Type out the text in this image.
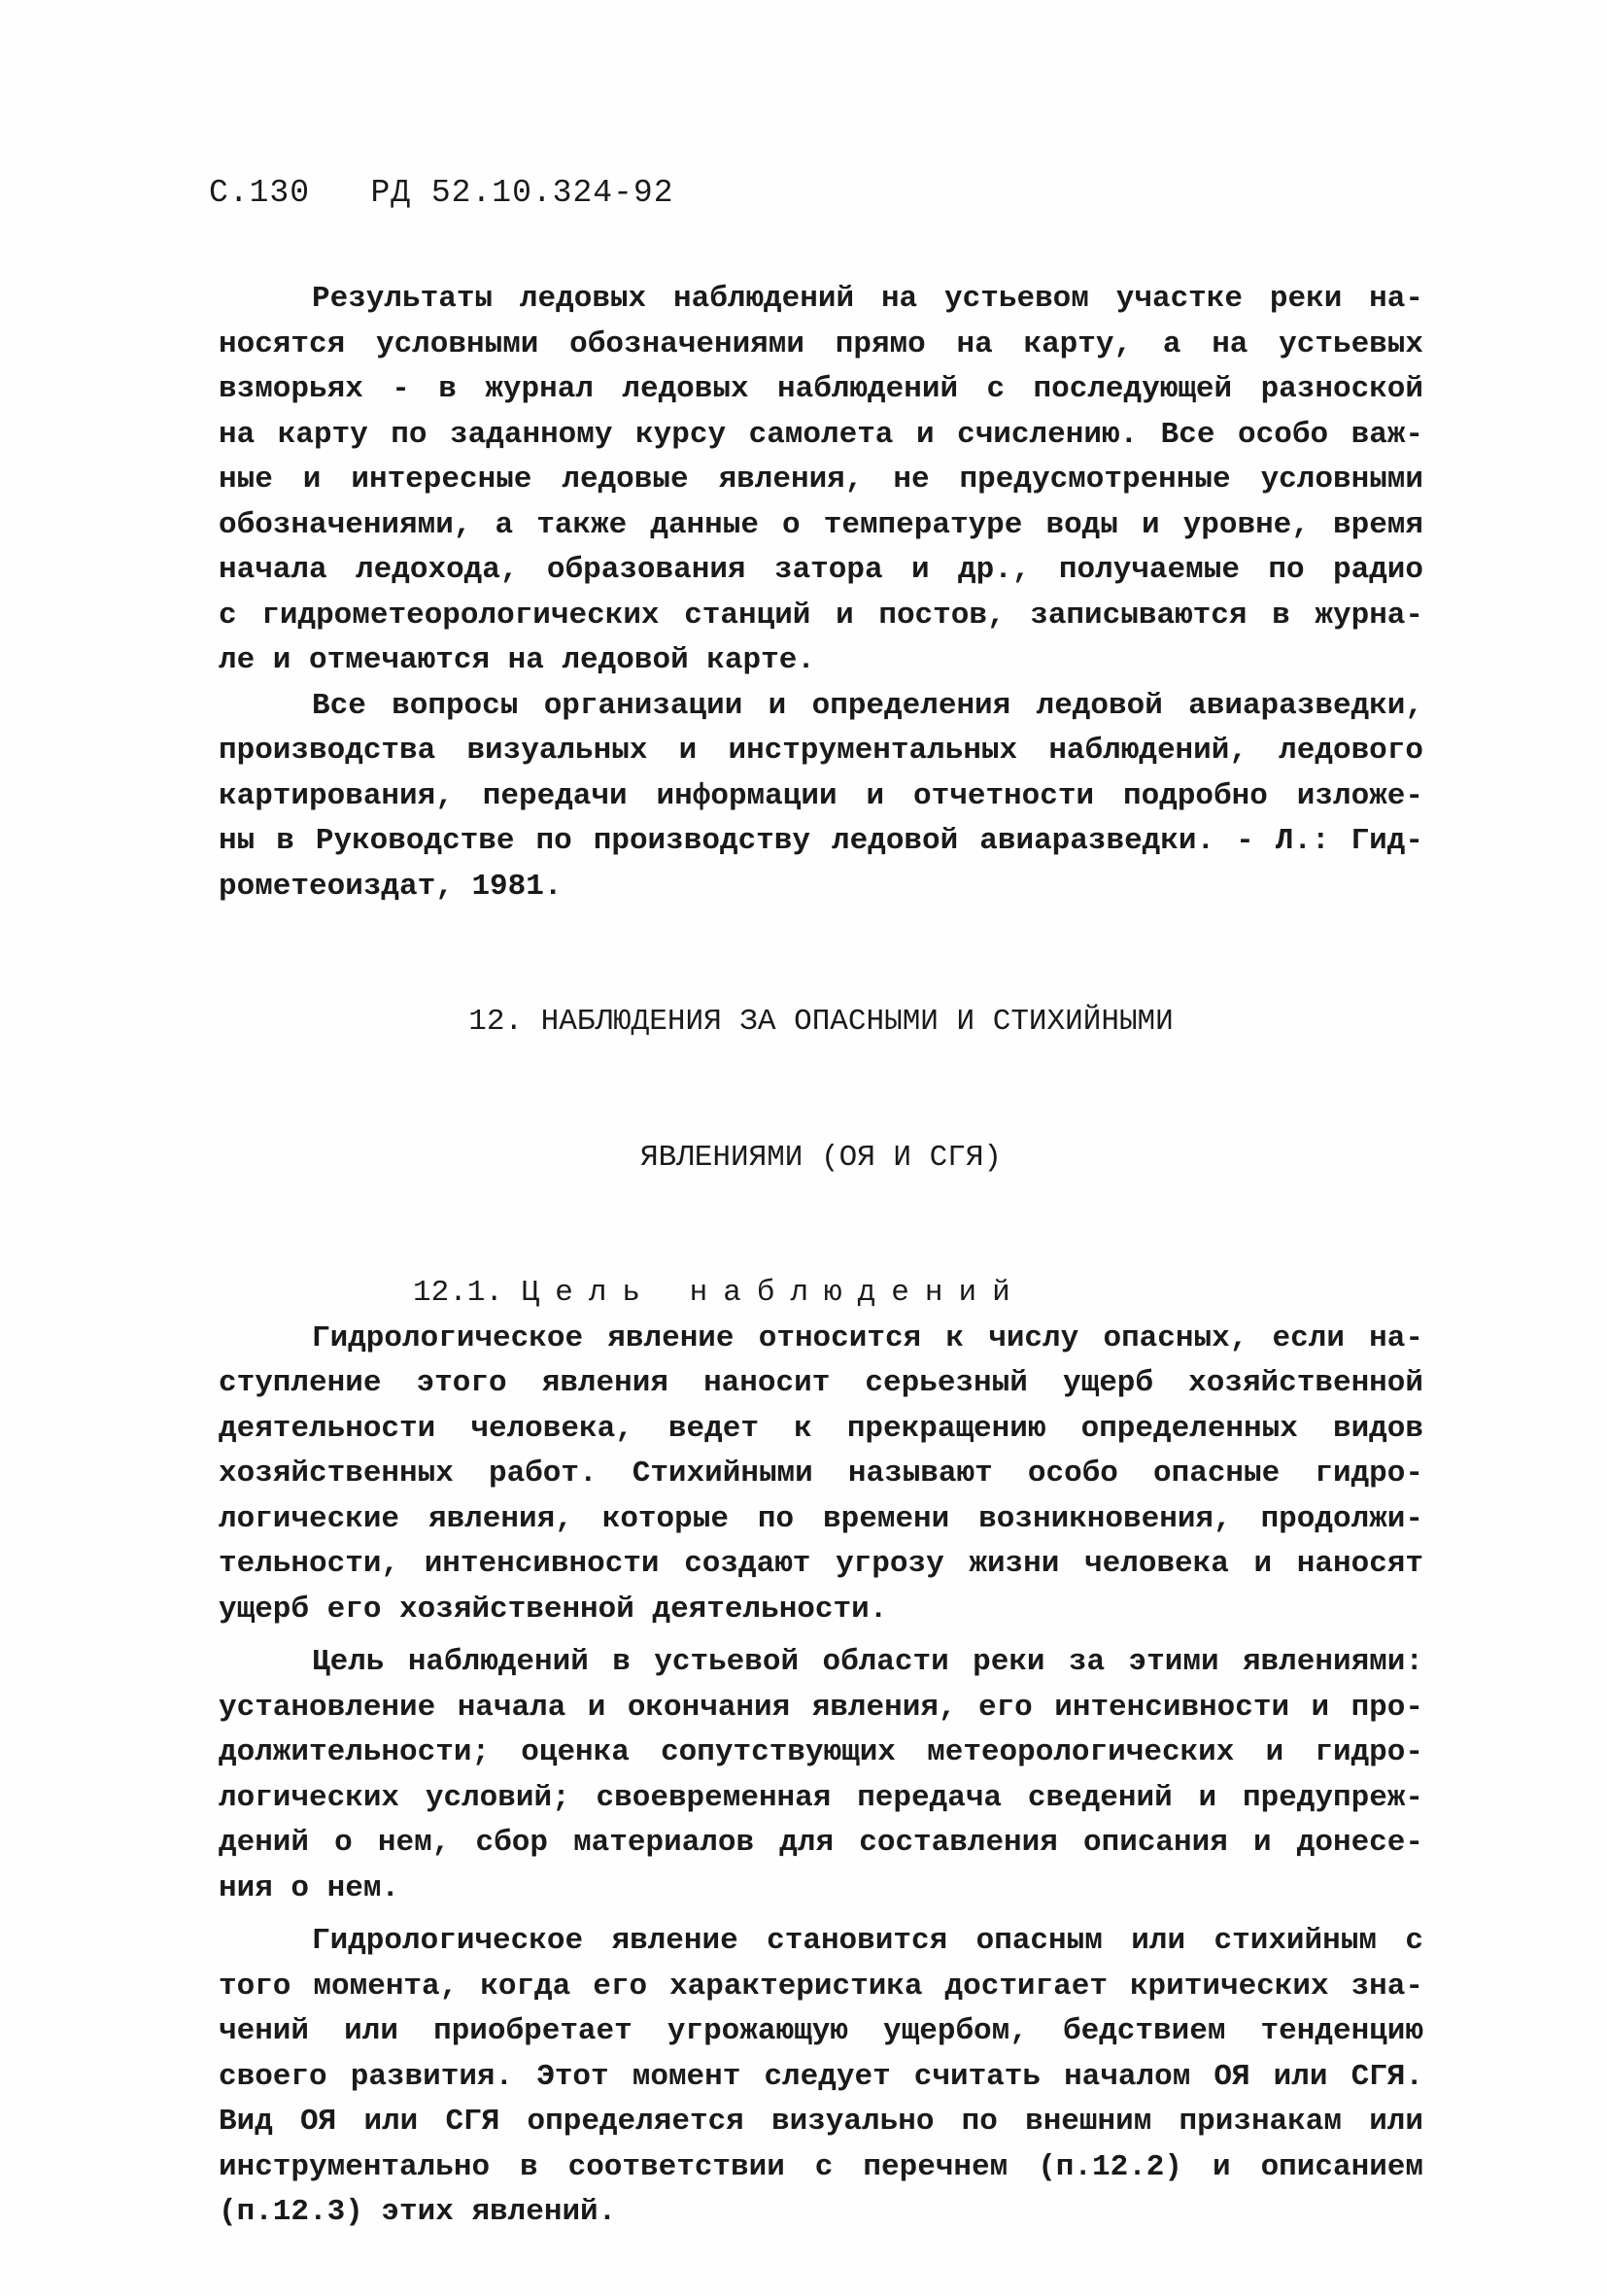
С.130 РД 52.10.324-92
Результаты ледовых наблюдений на устьевом участке реки на-
носятся условными обозначениями прямо на карту, а на устьевых
взморьях - в журнал ледовых наблюдений с последующей разноской
на карту по заданному курсу самолета и счислению. Все особо важ-
ные и интересные ледовые явления, не предусмотренные условными
обозначениями, а также данные о температуре воды и уровне, время
начала ледохода, образования затора и др., получаемые по радио
с гидрометеорологических станций и постов, записываются в журна-
ле и отмечаются на ледовой карте.
Все вопросы организации и определения ледовой авиаразведки,
производства визуальных и инструментальных наблюдений, ледового
картирования, передачи информации и отчетности подробно изложе-
ны в Руководстве по производству ледовой авиаразведки. - Л.: Гид-
рометеоиздат, 1981.

12. НАБЛЮДЕНИЯ ЗА ОПАСНЫМИ И СТИХИЙНЫМИ

ЯВЛЕНИЯМИ (ОЯ И СГЯ)

12.1. Цель наблюдений
Гидрологическое явление относится к числу опасных, если на-
ступление этого явления наносит серьезный ущерб хозяйственной
деятельности человека, ведет к прекращению определенных видов
хозяйственных работ. Стихийными называют особо опасные гидро-
логические явления, которые по времени возникновения, продолжи-
тельности, интенсивности создают угрозу жизни человека и наносят
ущерб его хозяйственной деятельности.
Цель наблюдений в устьевой области реки за этими явлениями:
установление начала и окончания явления, его интенсивности и про-
должительности; оценка сопутствующих метеорологических и гидро-
логических условий; своевременная передача сведений и предупреж-
дений о нем, сбор материалов для составления описания и донесе-
ния о нем.
Гидрологическое явление становится опасным или стихийным с
того момента, когда его характеристика достигает критических зна-
чений или приобретает угрожающую ущербом, бедствием тенденцию
своего развития. Этот момент следует считать началом ОЯ или СГЯ.
Вид ОЯ или СГЯ определяется визуально по внешним признакам или
инструментально в соответствии с перечнем (п.12.2) и описанием
(п.12.3) этих явлений.
